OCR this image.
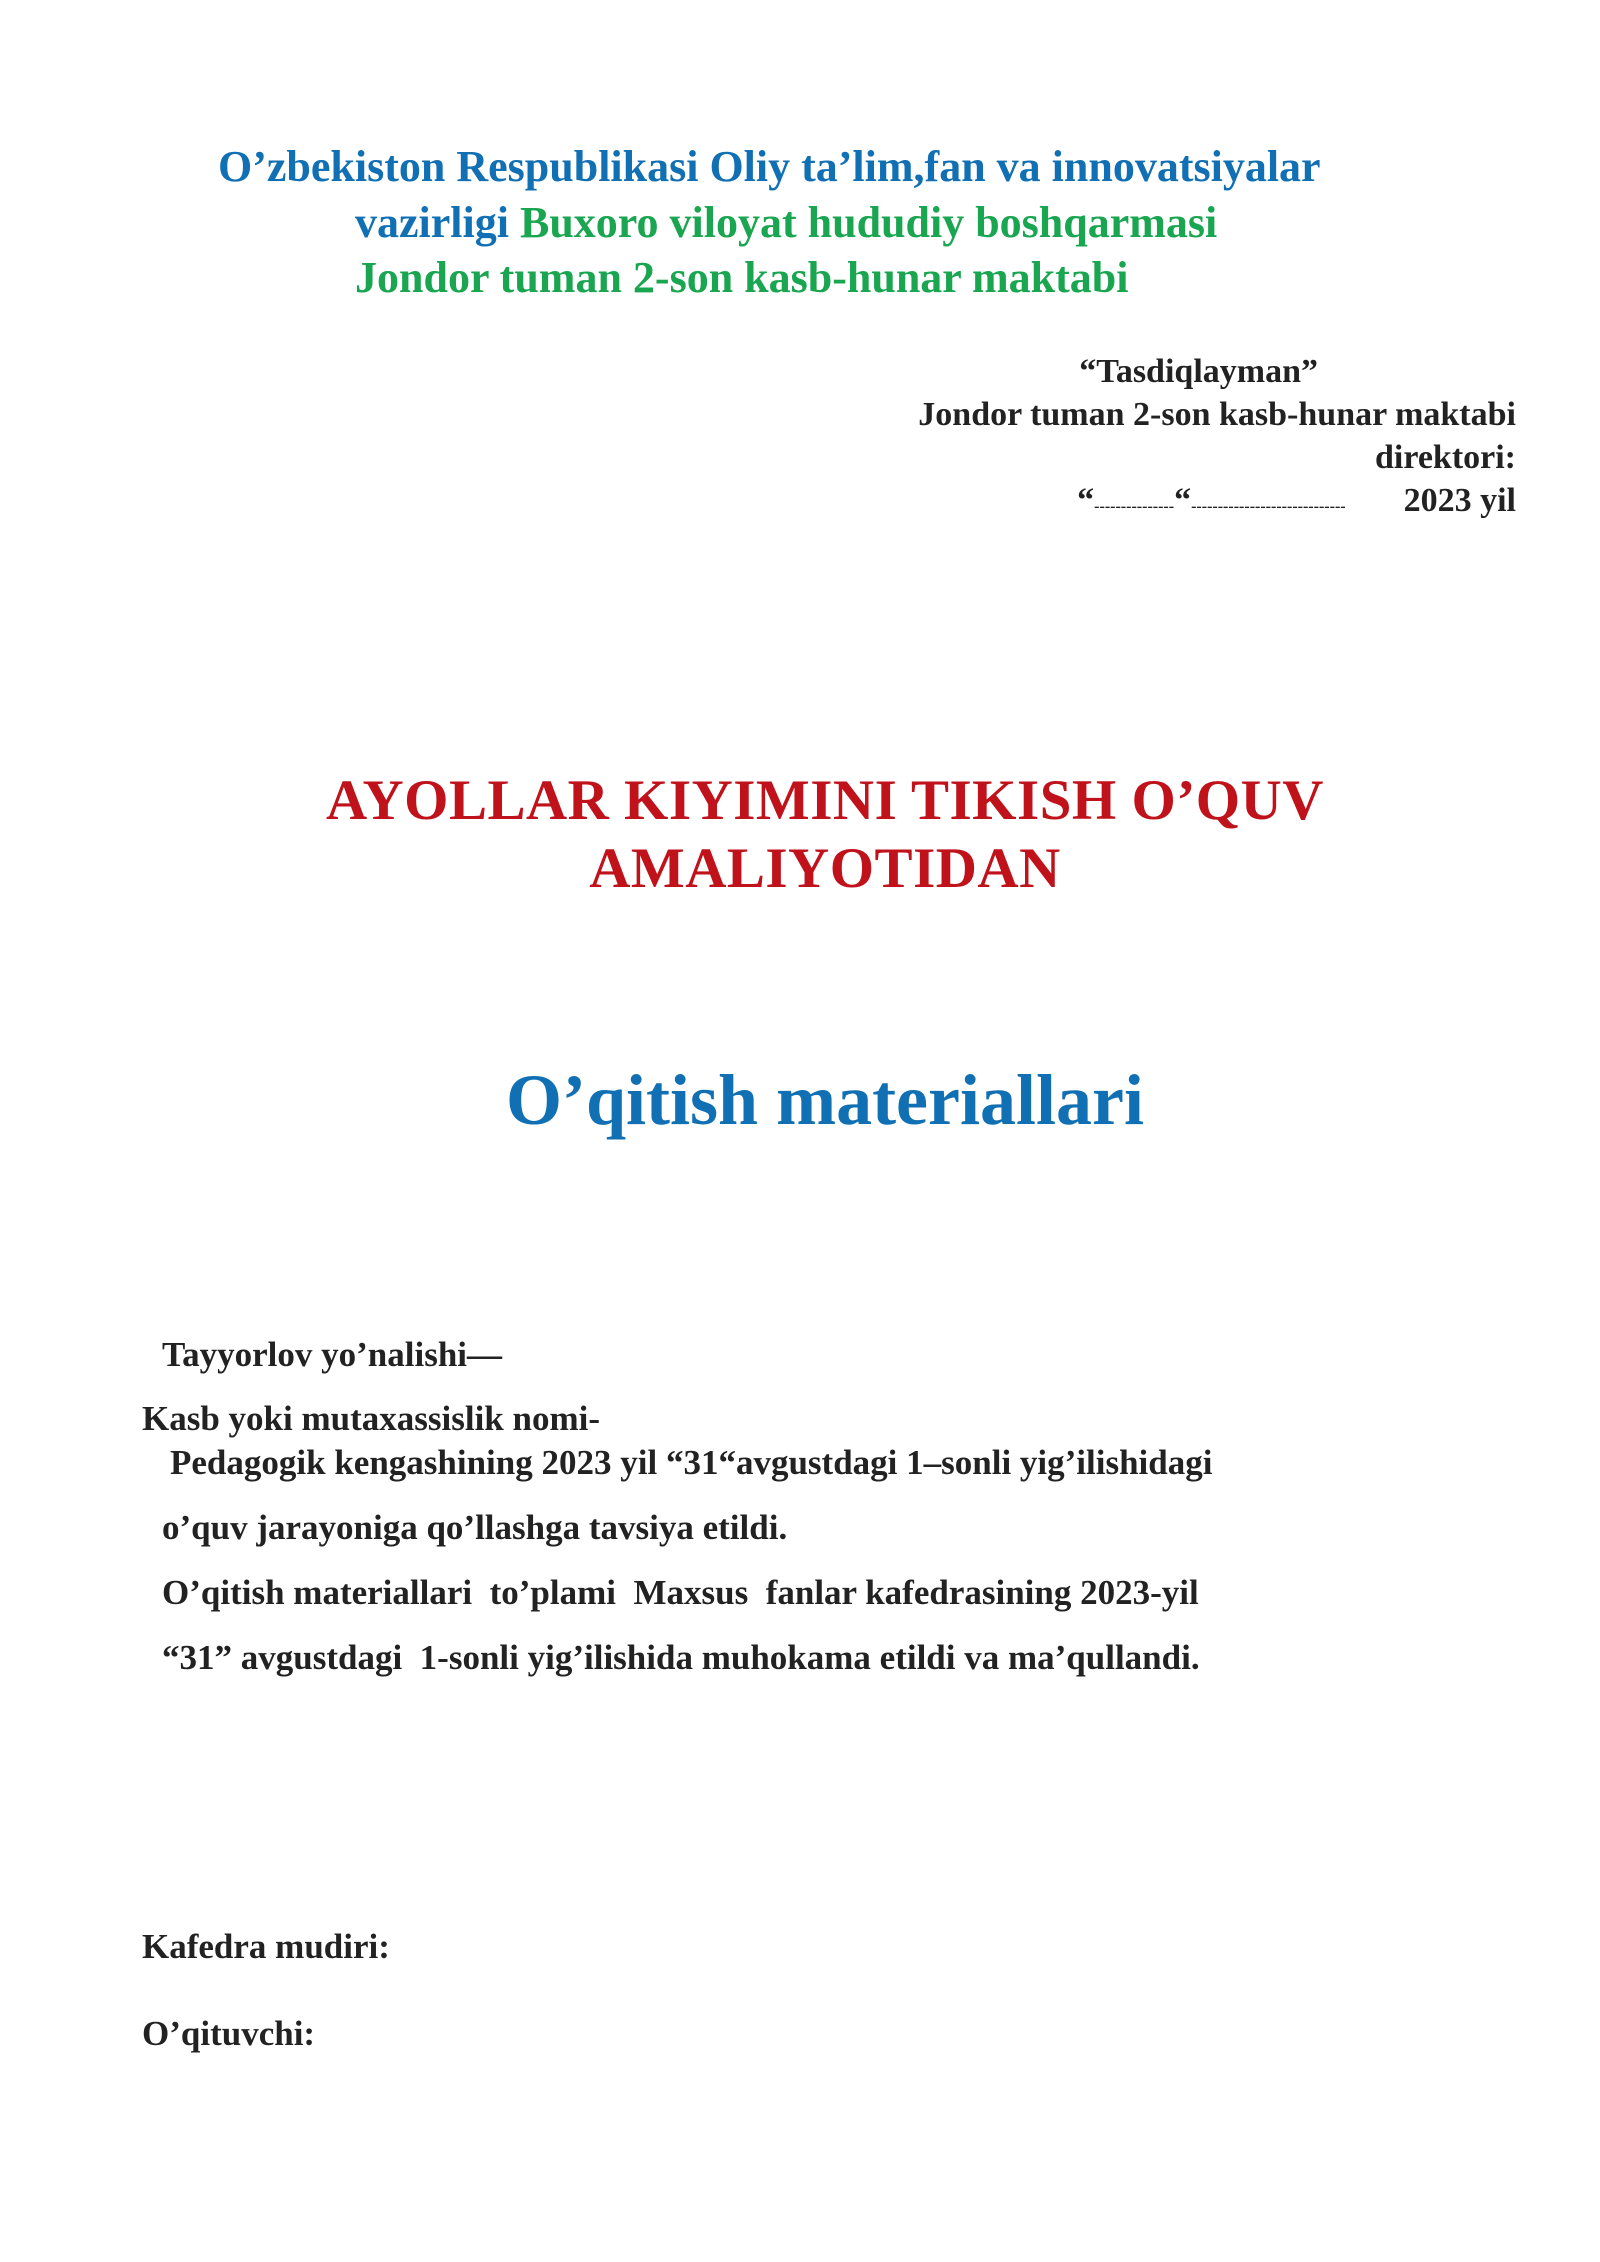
O’zbekiston Respublikasi Oliy ta’lim,fan va innovatsiyalar
vazirligi Buxoro viloyat hududiy boshqarmasi
Jondor tuman 2-son kasb-hunar maktabi
“Tasdiqlayman”
Jondor tuman 2-son kasb-hunar maktabi
direktori:
“---------------“----------------------------- 2023 yil
AYOLLAR KIYIMINI TIKISH O’QUV
AMALIYOTIDAN
O’qitish materiallari
Tayyorlov yo’nalishi—
Kasb yoki mutaxassislik nomi-
Pedagogik kengashining 2023 yil “31“avgustdagi 1–sonli yig’ilishidagi
o’quv jarayoniga qo’llashga tavsiya etildi.
O’qitish materiallari  to’plami  Maxsus  fanlar kafedrasining 2023-yil
“31” avgustdagi  1-sonli yig’ilishida muhokama etildi va ma’qullandi.
Kafedra mudiri:
O’qituvchi:
